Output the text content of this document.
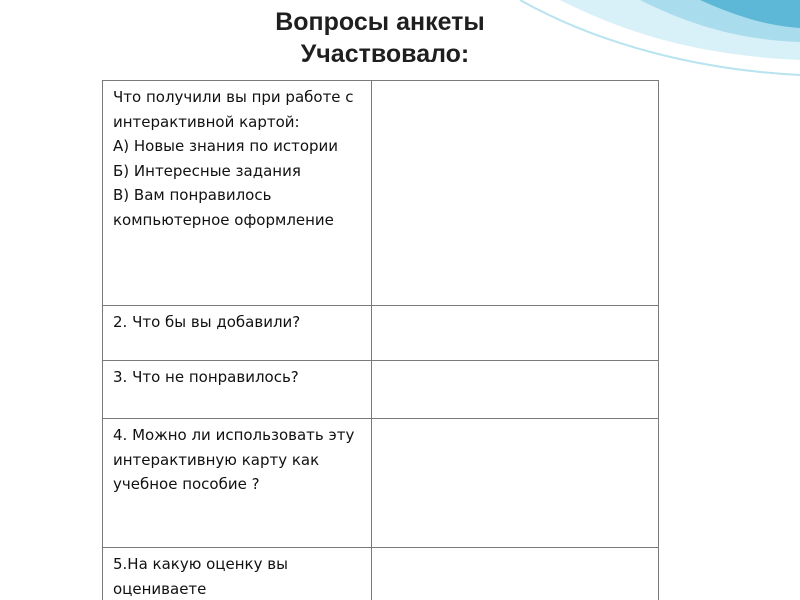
Вопросы анкеты
Участвовало:
Что получили вы при работе с интерактивной картой:
А) Новые знания по истории
Б) Интересные задания
В) Вам понравилось компьютерное оформление	

2. Что бы вы добавили?	
3. Что не понравилось?	
4. Можно ли использовать эту интерактивную карту как учебное пособие ?	
5.На какую оценку вы оцениваете	
